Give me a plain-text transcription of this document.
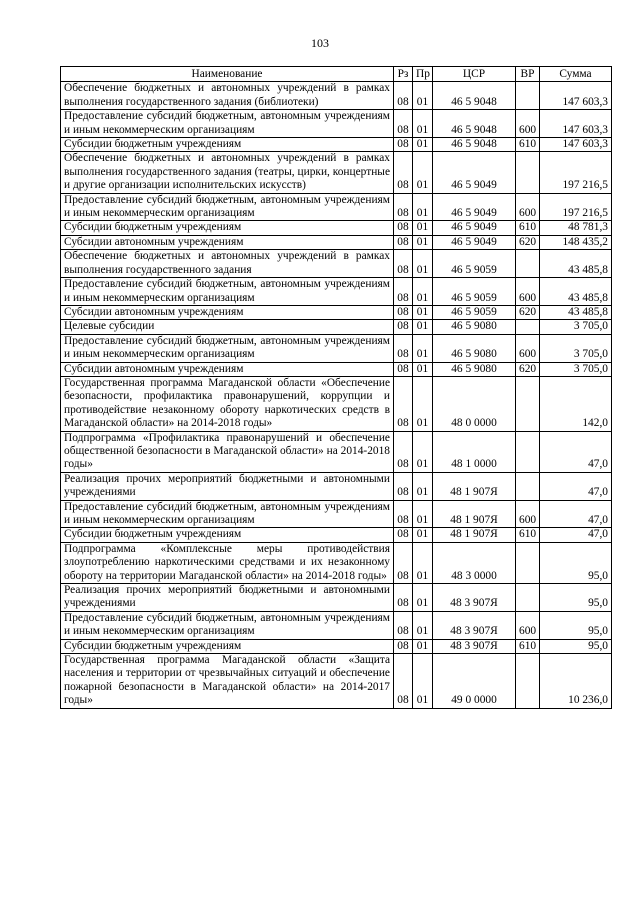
103
Наименование	Рз	Пр	ЦСР	ВР	Сумма
Обеспечение бюджетных и автономных учреждений в рамках выполнения государственного задания (библиотеки)	08	01	46 5 9048		147 603,3
Предоставление субсидий бюджетным, автономным учреждениям и иным некоммерческим организациям	08	01	46 5 9048	600	147 603,3
Субсидии бюджетным учреждениям	08	01	46 5 9048	610	147 603,3
Обеспечение бюджетных и автономных учреждений в рамках выполнения государственного задания (театры, цирки, концертные и другие организации исполнительских искусств)	08	01	46 5 9049		197 216,5
Предоставление субсидий бюджетным, автономным учреждениям и иным некоммерческим организациям	08	01	46 5 9049	600	197 216,5
Субсидии бюджетным учреждениям	08	01	46 5 9049	610	48 781,3
Субсидии автономным учреждениям	08	01	46 5 9049	620	148 435,2
Обеспечение бюджетных и автономных учреждений в рамках выполнения государственного задания	08	01	46 5 9059		43 485,8
Предоставление субсидий бюджетным, автономным учреждениям и иным некоммерческим организациям	08	01	46 5 9059	600	43 485,8
Субсидии автономным учреждениям	08	01	46 5 9059	620	43 485,8
Целевые субсидии	08	01	46 5 9080		3 705,0
Предоставление субсидий бюджетным, автономным учреждениям и иным некоммерческим организациям	08	01	46 5 9080	600	3 705,0
Субсидии автономным учреждениям	08	01	46 5 9080	620	3 705,0
Государственная программа Магаданской области «Обеспечение безопасности, профилактика правонарушений, коррупции и противодействие незаконному обороту наркотических средств в Магаданской области» на 2014-2018 годы»	08	01	48 0 0000		142,0
Подпрограмма «Профилактика правонарушений и обеспечение общественной безопасности в Магаданской области» на 2014-2018 годы»	08	01	48 1 0000		47,0
Реализация прочих мероприятий бюджетными и автономными учреждениями	08	01	48 1 907Я		47,0
Предоставление субсидий бюджетным, автономным учреждениям и иным некоммерческим организациям	08	01	48 1 907Я	600	47,0
Субсидии бюджетным учреждениям	08	01	48 1 907Я	610	47,0
Подпрограмма «Комплексные меры противодействия злоупотреблению наркотическими средствами и их незаконному обороту на территории Магаданской области» на 2014-2018 годы»	08	01	48 3 0000		95,0
Реализация прочих мероприятий бюджетными и автономными учреждениями	08	01	48 3 907Я		95,0
Предоставление субсидий бюджетным, автономным учреждениям и иным некоммерческим организациям	08	01	48 3 907Я	600	95,0
Субсидии бюджетным учреждениям	08	01	48 3 907Я	610	95,0
Государственная программа Магаданской области «Защита населения и территории от чрезвычайных ситуаций и обеспечение пожарной безопасности в Магаданской области» на 2014-2017 годы»	08	01	49 0 0000		10 236,0
